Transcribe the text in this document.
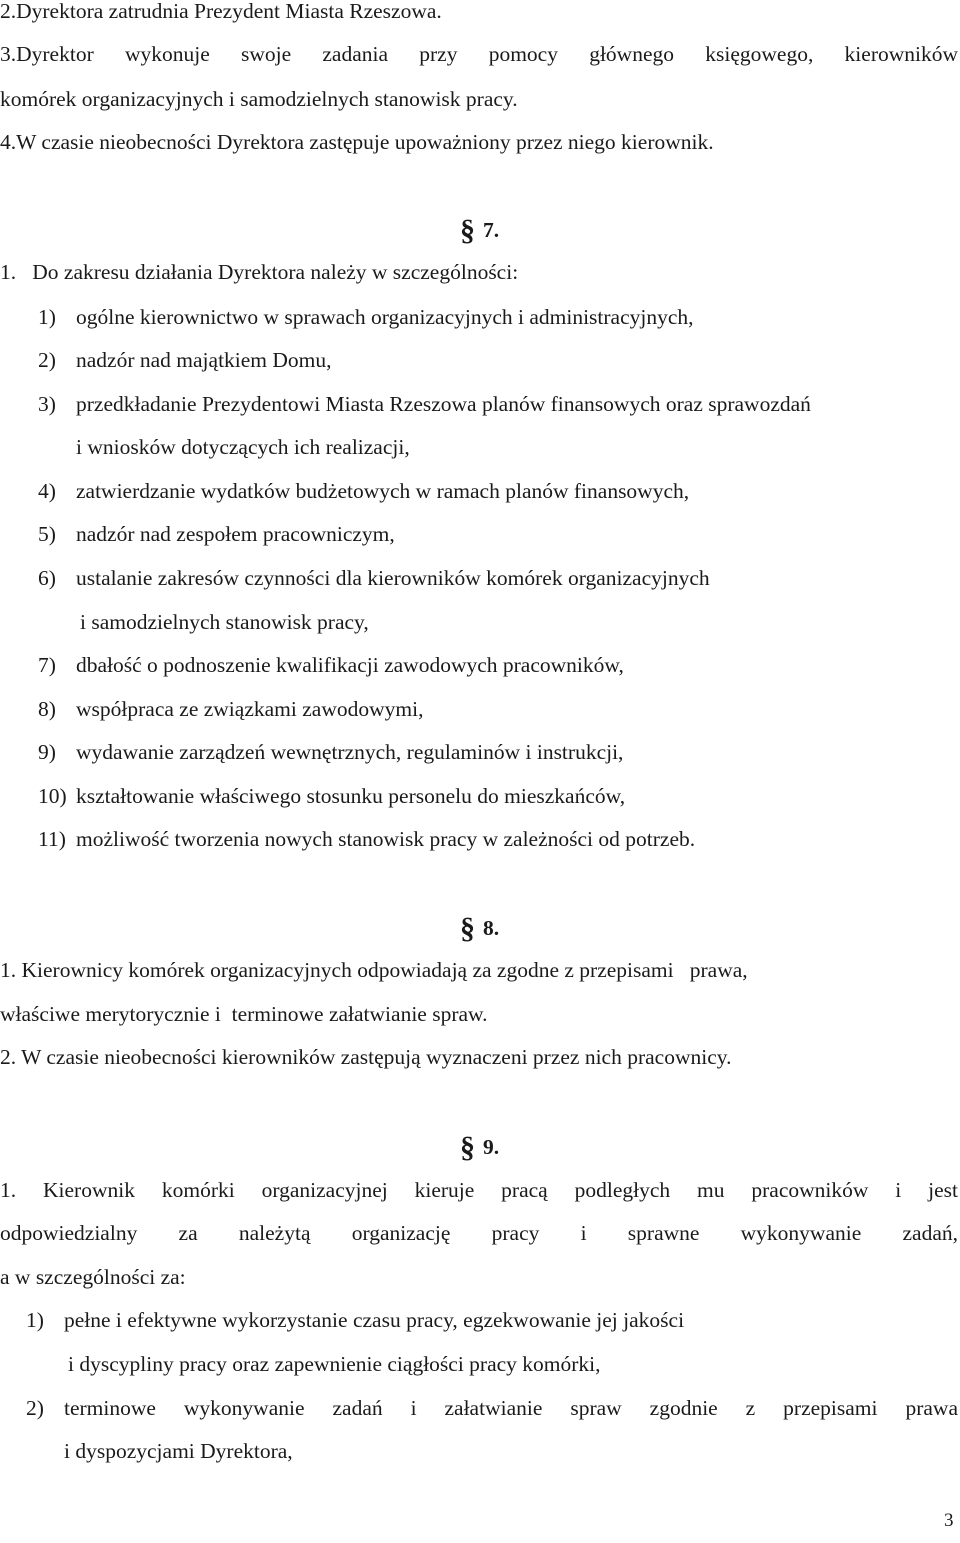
2.Dyrektora zatrudnia Prezydent Miasta Rzeszowa.
3.Dyrektor wykonuje swoje zadania przy pomocy głównego księgowego, kierowników
komórek organizacyjnych i samodzielnych stanowisk pracy.
4.W czasie nieobecności Dyrektora zastępuje upoważniony przez niego kierownik.
§ 7.
1. Do zakresu działania Dyrektora należy w szczególności:
1) ogólne kierownictwo w sprawach organizacyjnych i administracyjnych,
2) nadzór nad majątkiem Domu,
3) przedkładanie Prezydentowi Miasta Rzeszowa planów finansowych oraz sprawozdań
i wniosków dotyczących ich realizacji,
4) zatwierdzanie wydatków budżetowych w ramach planów finansowych,
5) nadzór nad zespołem pracowniczym,
6) ustalanie zakresów czynności dla kierowników komórek organizacyjnych
i samodzielnych stanowisk pracy,
7) dbałość o podnoszenie kwalifikacji zawodowych pracowników,
8) współpraca ze związkami zawodowymi,
9) wydawanie zarządzeń wewnętrznych, regulaminów i instrukcji,
10) kształtowanie właściwego stosunku personelu do mieszkańców,
11) możliwość tworzenia nowych stanowisk pracy w zależności od potrzeb.
§ 8.
1. Kierownicy komórek organizacyjnych odpowiadają za zgodne z przepisami   prawa,
właściwe merytorycznie i  terminowe załatwianie spraw.
2. W czasie nieobecności kierowników zastępują wyznaczeni przez nich pracownicy.
§ 9.
1. Kierownik komórki organizacyjnej kieruje pracą podległych mu pracowników i jest
odpowiedzialny za należytą organizację pracy i sprawne wykonywanie zadań,
a w szczególności za:
1) pełne i efektywne wykorzystanie czasu pracy, egzekwowanie jej jakości
i dyscypliny pracy oraz zapewnienie ciągłości pracy komórki,
2) terminowe wykonywanie zadań i załatwianie spraw zgodnie z przepisami prawa
i dyspozycjami Dyrektora,
3
